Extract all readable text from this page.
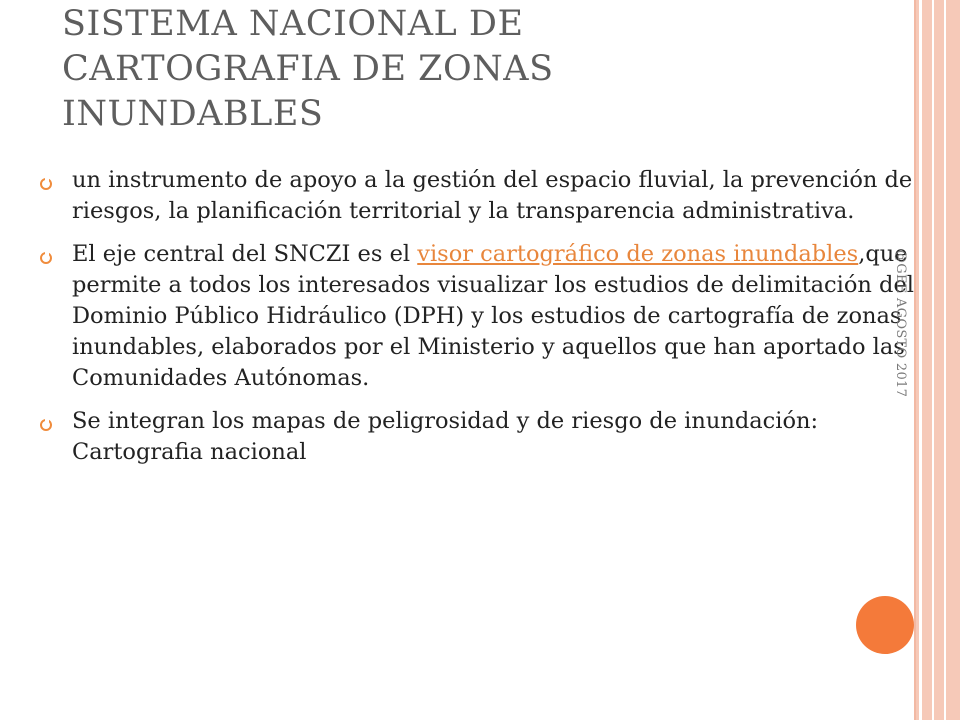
SISTEMA NACIONAL DE
CARTOGRAFIA DE ZONAS
INUNDABLES
un instrumento de apoyo a la gestión del espacio fluvial, la prevención de riesgos, la planificación territorial y la transparencia administrativa.
El eje central del SNCZI es el visor cartográfico de zonas inundables,que permite a todos los interesados visualizar los estudios de delimitación del Dominio Público Hidráulico (DPH) y los estudios de cartografía de zonas inundables, elaborados por el Ministerio y aquellos que han aportado las Comunidades Autónomas.
Se integran los mapas de peligrosidad y de riesgo de inundación: Cartografia nacional
@GEE AGOSTO 2017
